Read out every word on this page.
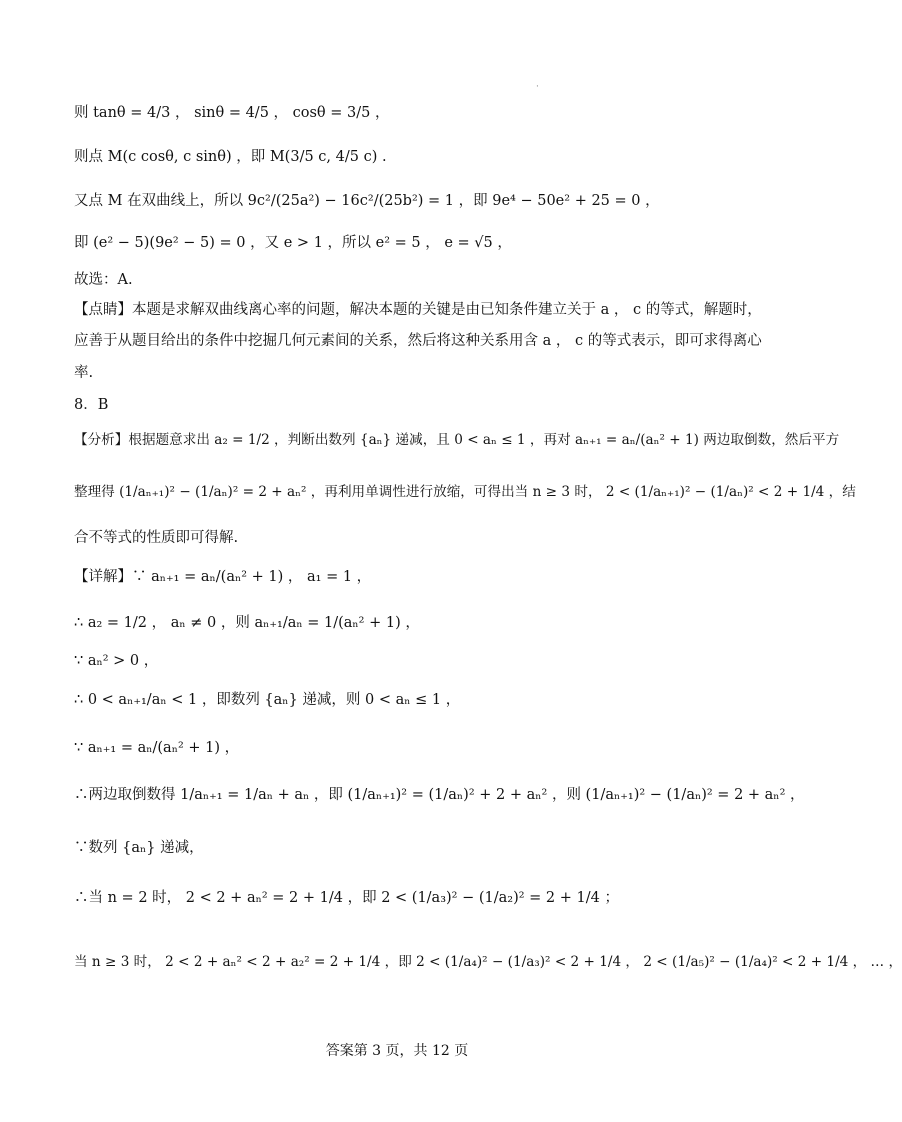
·
则 tanθ = 4/3 ， sinθ = 4/5 ， cosθ = 3/5 ，
则点 M(c cosθ, c sinθ) ，即 M(3/5 c, 4/5 c) .
又点 M 在双曲线上，所以 9c²/(25a²) − 16c²/(25b²) = 1 ，即 9e⁴ − 50e² + 25 = 0 ，
即 (e² − 5)(9e² − 5) = 0 ，又 e > 1 ，所以 e² = 5 ， e = √5 ，
故选：A.
【点睛】本题是求解双曲线离心率的问题，解决本题的关键是由已知条件建立关于 a ， c 的等式，解题时，
应善于从题目给出的条件中挖掘几何元素间的关系，然后将这种关系用含 a ， c 的等式表示，即可求得离心
率.
8．B
【分析】根据题意求出 a₂ = 1/2 ，判断出数列 {aₙ} 递减，且 0 < aₙ ≤ 1 ，再对 aₙ₊₁ = aₙ/(aₙ² + 1) 两边取倒数，然后平方
整理得 (1/aₙ₊₁)² − (1/aₙ)² = 2 + aₙ² ，再利用单调性进行放缩，可得出当 n ≥ 3 时， 2 < (1/aₙ₊₁)² − (1/aₙ)² < 2 + 1/4 ，结
合不等式的性质即可得解.
【详解】∵ aₙ₊₁ = aₙ/(aₙ² + 1) ， a₁ = 1 ，
∴ a₂ = 1/2 ， aₙ ≠ 0 ，则 aₙ₊₁/aₙ = 1/(aₙ² + 1) ，
∵ aₙ² > 0 ，
∴ 0 < aₙ₊₁/aₙ < 1 ，即数列 {aₙ} 递减，则 0 < aₙ ≤ 1 ，
∵ aₙ₊₁ = aₙ/(aₙ² + 1) ，
∴两边取倒数得 1/aₙ₊₁ = 1/aₙ + aₙ ，即 (1/aₙ₊₁)² = (1/aₙ)² + 2 + aₙ² ，则 (1/aₙ₊₁)² − (1/aₙ)² = 2 + aₙ² ，
∵数列 {aₙ} 递减，
∴当 n = 2 时， 2 < 2 + aₙ² = 2 + 1/4 ，即 2 < (1/a₃)² − (1/a₂)² = 2 + 1/4 ；
当 n ≥ 3 时， 2 < 2 + aₙ² < 2 + a₂² = 2 + 1/4 ，即 2 < (1/a₄)² − (1/a₃)² < 2 + 1/4 ， 2 < (1/a₅)² − (1/a₄)² < 2 + 1/4 ， … ，
答案第 3 页，共 12 页
